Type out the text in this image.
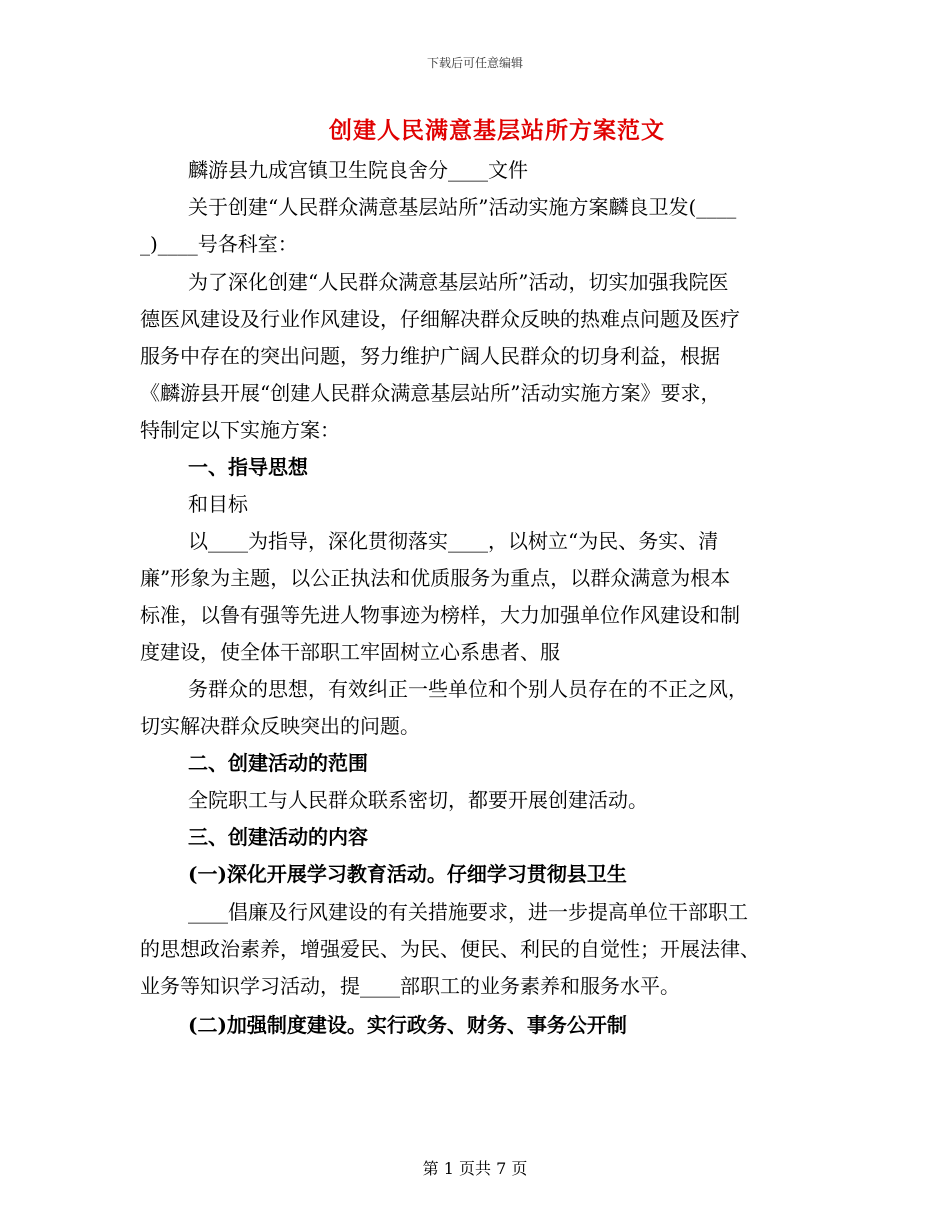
下载后可任意编辑
创建人民满意基层站所方案范文
麟游县九成宫镇卫生院良舍分____文件
关于创建“人民群众满意基层站所”活动实施方案麟良卫发(____
_)____号各科室：
为了深化创建“人民群众满意基层站所”活动，切实加强我院医
德医风建设及行业作风建设，仔细解决群众反映的热难点问题及医疗
服务中存在的突出问题，努力维护广阔人民群众的切身利益，根据
《麟游县开展“创建人民群众满意基层站所”活动实施方案》要求，
特制定以下实施方案：
一、指导思想
和目标
以____为指导，深化贯彻落实____，以树立“为民、务实、清
廉”形象为主题，以公正执法和优质服务为重点，以群众满意为根本
标准，以鲁有强等先进人物事迹为榜样，大力加强单位作风建设和制
度建设，使全体干部职工牢固树立心系患者、服
务群众的思想，有效纠正一些单位和个别人员存在的不正之风，
切实解决群众反映突出的问题。
二、创建活动的范围
全院职工与人民群众联系密切，都要开展创建活动。
三、创建活动的内容
(一)深化开展学习教育活动。仔细学习贯彻县卫生
____倡廉及行风建设的有关措施要求，进一步提高单位干部职工
的思想政治素养，增强爱民、为民、便民、利民的自觉性；开展法律、
业务等知识学习活动，提____部职工的业务素养和服务水平。
(二)加强制度建设。实行政务、财务、事务公开制
第 1 页共 7 页
